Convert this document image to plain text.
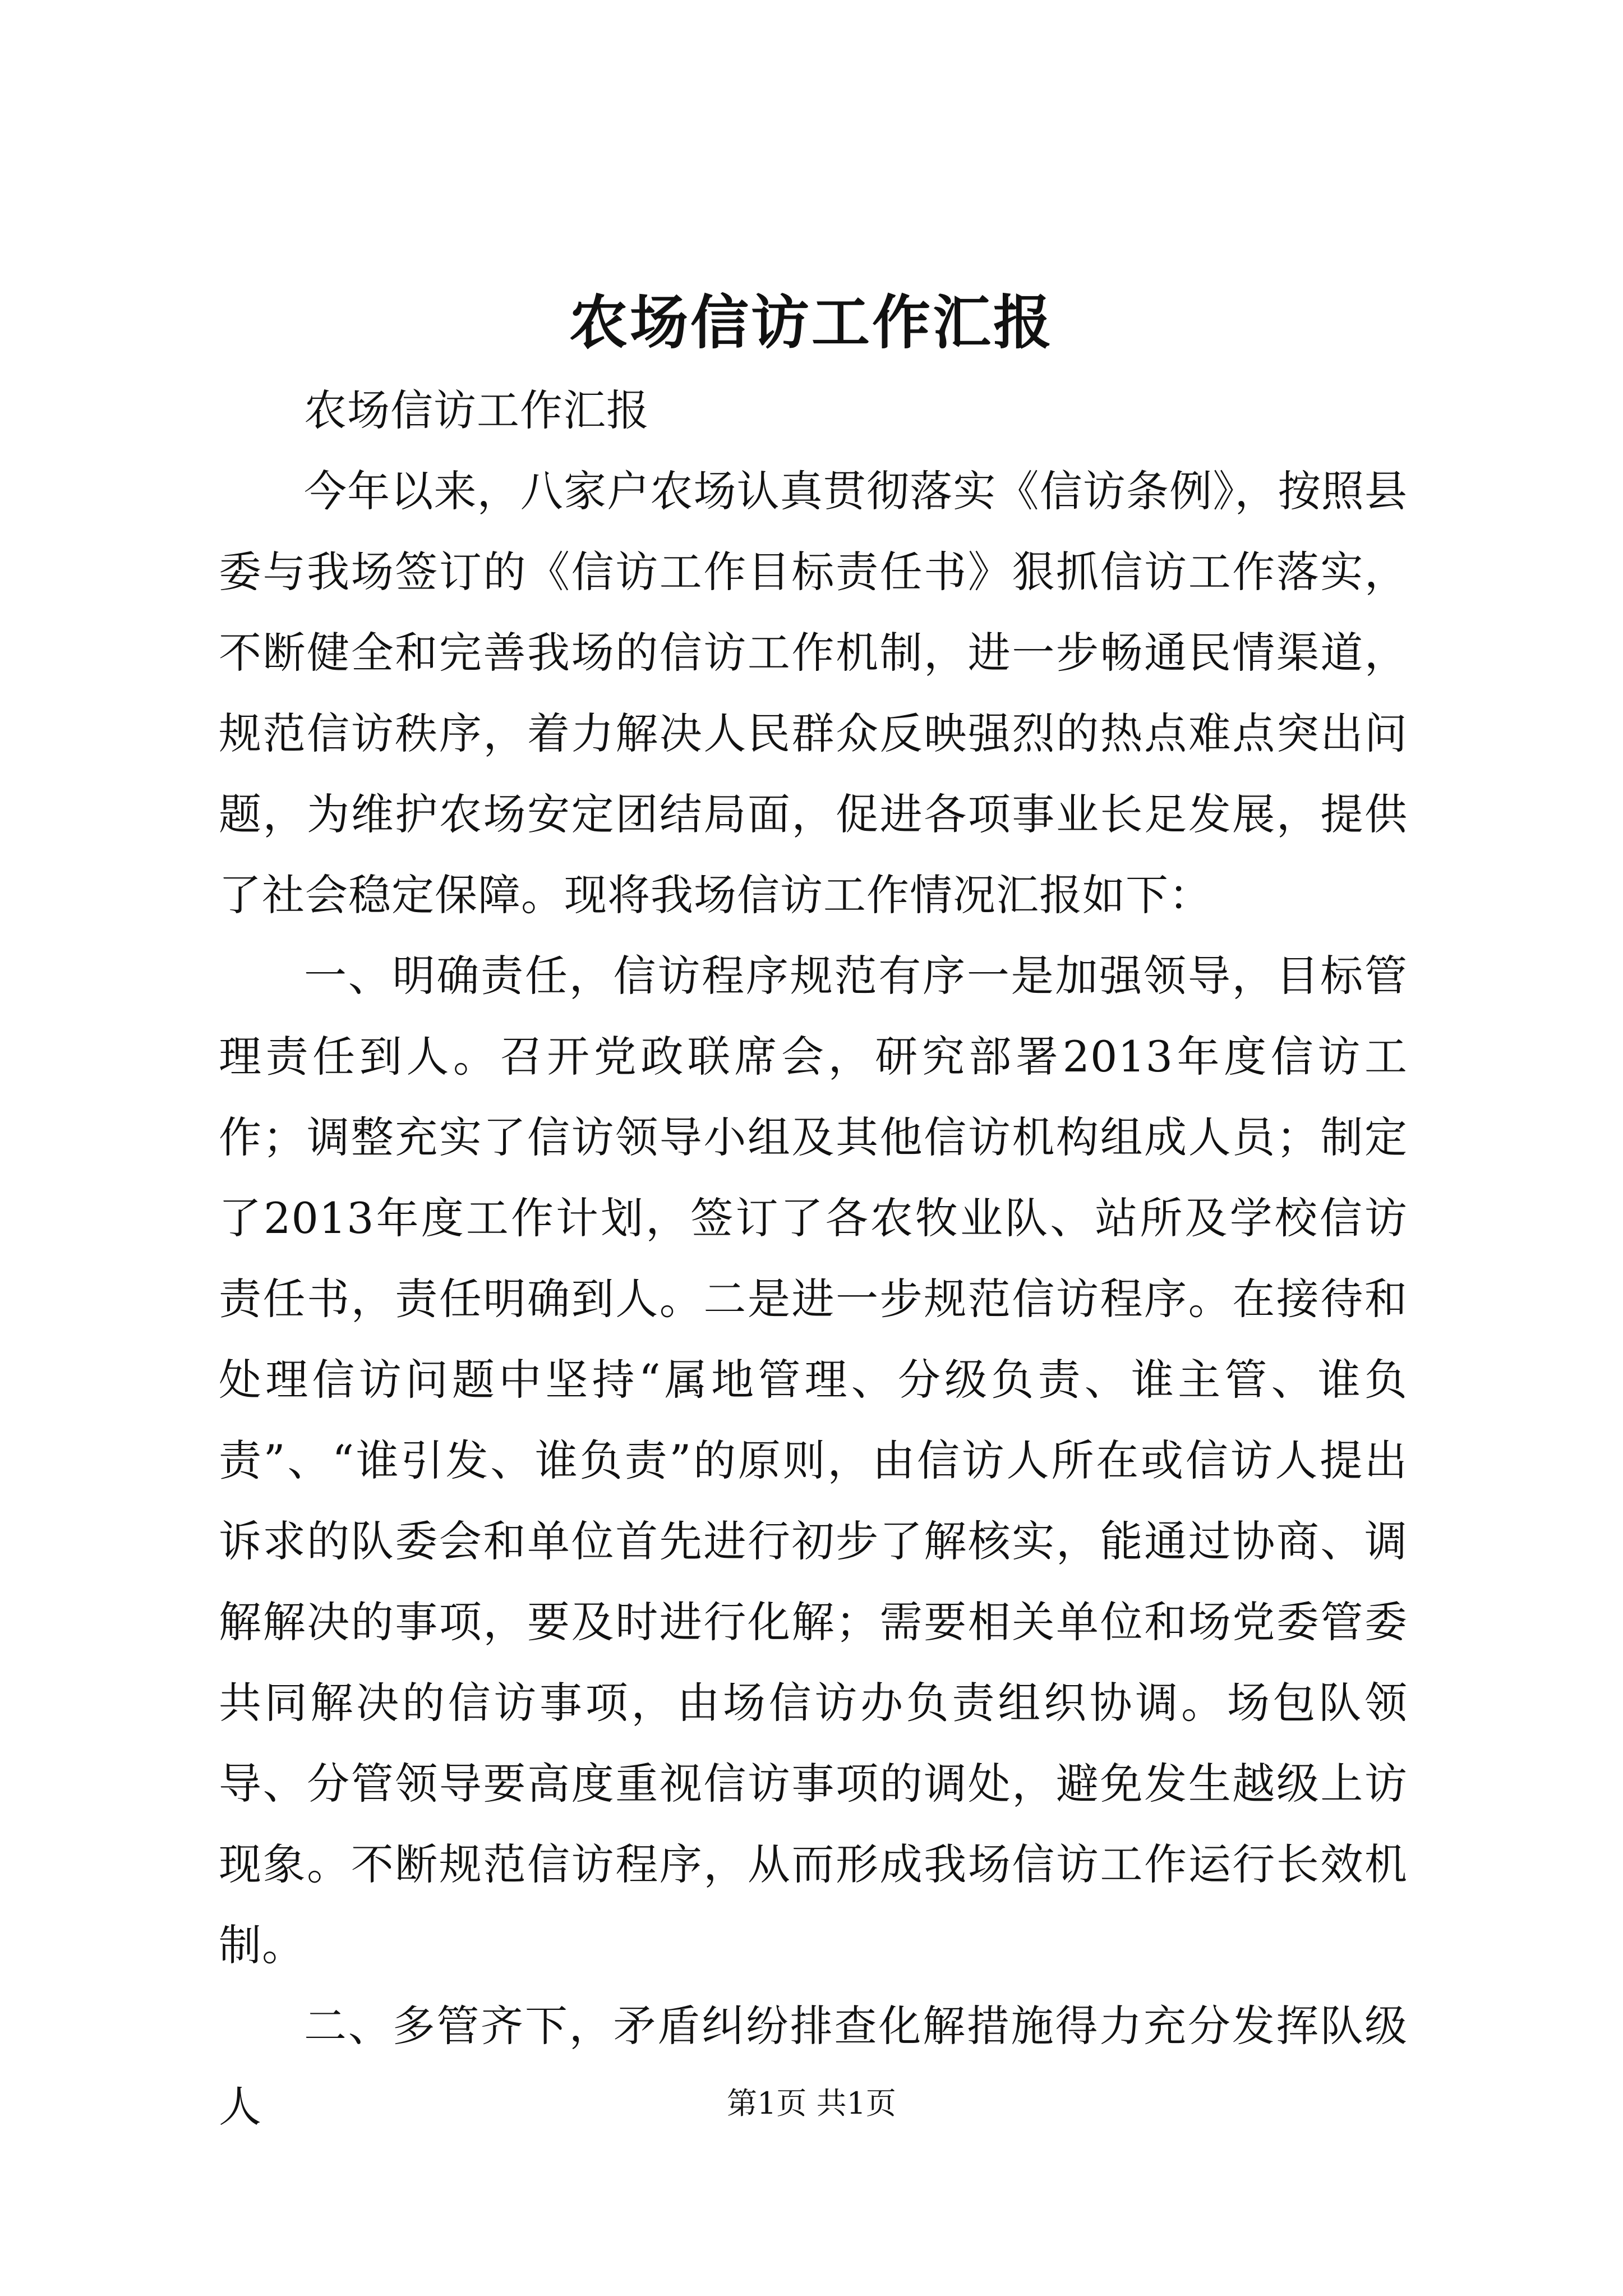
农场信访工作汇报

农场信访工作汇报

今年以来，八家户农场认真贯彻落实《信访条例》，按照县委与我场签订的《信访工作目标责任书》狠抓信访工作落实，不断健全和完善我场的信访工作机制，进一步畅通民情渠道，规范信访秩序，着力解决人民群众反映强烈的热点难点突出问题，为维护农场安定团结局面，促进各项事业长足发展，提供了社会稳定保障。现将我场信访工作情况汇报如下：

一、明确责任，信访程序规范有序一是加强领导，目标管理责任到人。召开党政联席会，研究部署2013年度信访工作；调整充实了信访领导小组及其他信访机构组成人员；制定了2013年度工作计划，签订了各农牧业队、站所及学校信访责任书，责任明确到人。二是进一步规范信访程序。在接待和处理信访问题中坚持“属地管理、分级负责、谁主管、谁负责”、“谁引发、谁负责”的原则，由信访人所在或信访人提出诉求的队委会和单位首先进行初步了解核实，能通过协商、调解解决的事项，要及时进行化解；需要相关单位和场党委管委共同解决的信访事项，由场信访办负责组织协调。场包队领导、分管领导要高度重视信访事项的调处，避免发生越级上访现象。不断规范信访程序，从而形成我场信访工作运行长效机制。

二、多管齐下，矛盾纠纷排查化解措施得力充分发挥队级人	第1页 共1页
